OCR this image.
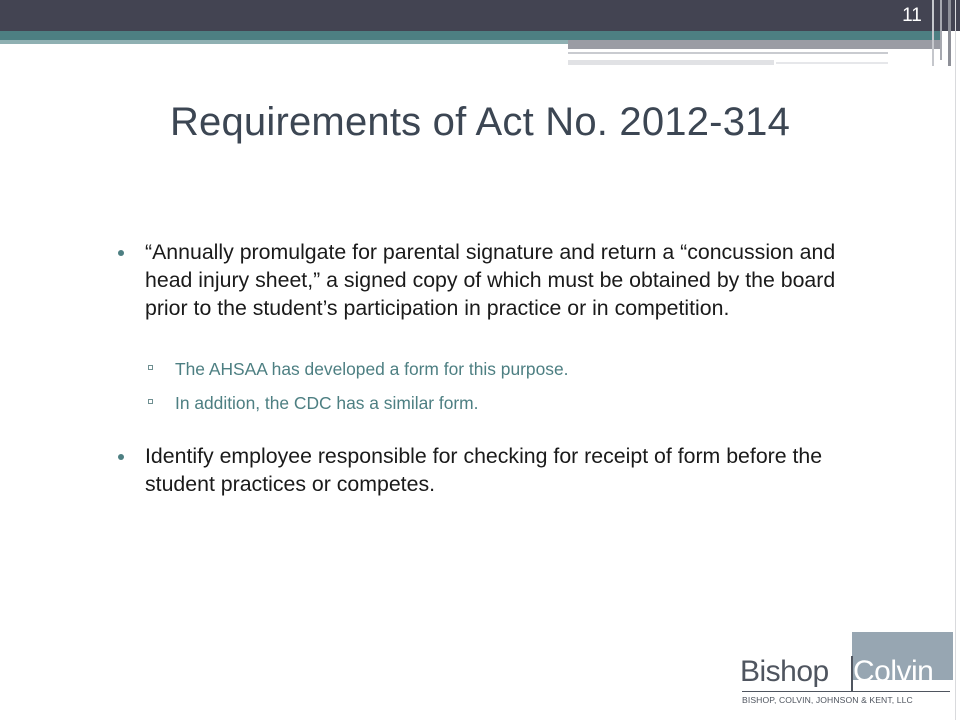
11
Requirements of Act No. 2012-314
“Annually promulgate for parental signature and return a “concussion and head injury sheet,” a signed copy of which must be obtained by the board prior to the student’s participation in practice or in competition.
The AHSAA has developed a form for this purpose.
In addition, the CDC has a similar form.
Identify employee responsible for checking for receipt of form before the student practices or competes.
Bishop Colvin
BISHOP, COLVIN, JOHNSON & KENT, LLC
